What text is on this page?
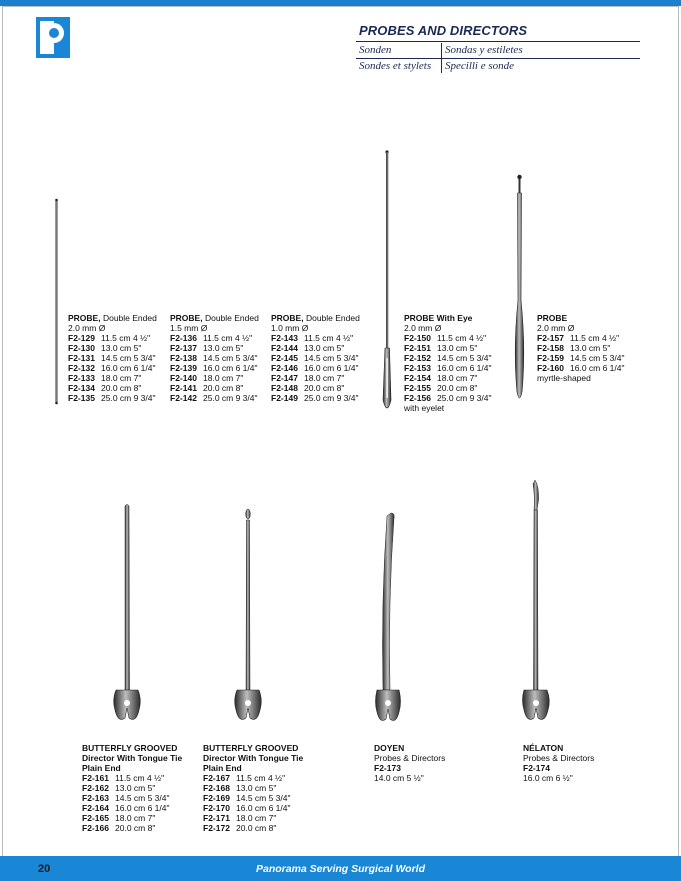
PROBES AND DIRECTORS
Sonden	Sondas y estiletes
Sondes et stylets Specilli e sonde
PROBE, Double Ended
2.0 mm Ø
F2-129 11.5 cm 4 ½"
F2-130 13.0 cm 5"
F2-131 14.5 cm 5 3/4"
F2-132 16.0 cm 6 1/4"
F2-133 18.0 cm 7"
F2-134 20.0 cm 8"
F2-135 25.0 cm 9 3/4"
PROBE, Double Ended
1.5 mm Ø
F2-136 11.5 cm 4 ½"
F2-137 13.0 cm 5"
F2-138 14.5 cm 5 3/4"
F2-139 16.0 cm 6 1/4"
F2-140 18.0 cm 7"
F2-141 20.0 cm 8"
F2-142 25.0 cm 9 3/4"
PROBE, Double Ended
1.0 mm Ø
F2-143 11.5 cm 4 ½"
F2-144 13.0 cm 5"
F2-145 14.5 cm 5 3/4"
F2-146 16.0 cm 6 1/4"
F2-147 18.0 cm 7"
F2-148 20.0 cm 8"
F2-149 25.0 cm 9 3/4"
PROBE With Eye
2.0 mm Ø
F2-150 11.5 cm 4 ½"
F2-151 13.0 cm 5"
F2-152 14.5 cm 5 3/4"
F2-153 16.0 cm 6 1/4"
F2-154 18.0 cm 7"
F2-155 20.0 cm 8"
F2-156 25.0 cm 9 3/4"
with eyelet
PROBE
2.0 mm Ø
F2-157 11.5 cm 4 ½"
F2-158 13.0 cm 5"
F2-159 14.5 cm 5 3/4"
F2-160 16.0 cm 6 1/4"
myrtle-shaped
BUTTERFLY GROOVED
Director With Tongue Tie
Plain End
F2-161 11.5 cm 4 ½"
F2-162 13.0 cm 5"
F2-163 14.5 cm 5 3/4"
F2-164 16.0 cm 6 1/4"
F2-165 18.0 cm 7"
F2-166 20.0 cm 8"
BUTTERFLY GROOVED
Director With Tongue Tie
Plain End
F2-167 11.5 cm 4 ½"
F2-168 13.0 cm 5"
F2-169 14.5 cm 5 3/4"
F2-170 16.0 cm 6 1/4"
F2-171 18.0 cm 7"
F2-172 20.0 cm 8"
DOYEN
Probes & Directors
F2-173
14.0 cm 5 ½"
NÉLATON
Probes & Directors
F2-174
16.0 cm 6 ½"
20	Panorama Serving Surgical World
